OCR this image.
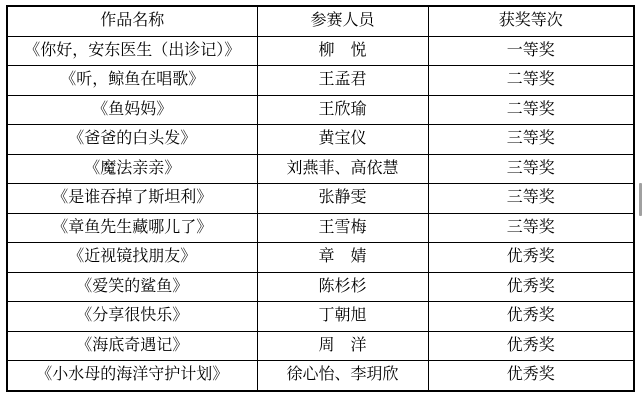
作品名称	参赛人员	获奖等次
《你好，安东医生（出诊记）》	柳　悦	一等奖
《听，鲸鱼在唱歌》	王孟君	二等奖
《鱼妈妈》	王欣瑜	二等奖
《爸爸的白头发》	黄宝仪	三等奖
《魔法亲亲》	刘燕菲、高依慧	三等奖
《是谁吞掉了斯坦利》	张静雯	三等奖
《章鱼先生藏哪儿了》	王雪梅	三等奖
《近视镜找朋友》	章　婧	优秀奖
《爱笑的鲨鱼》	陈杉杉	优秀奖
《分享很快乐》	丁朝旭	优秀奖
《海底奇遇记》	周　洋	优秀奖
《小水母的海洋守护计划》	徐心怡、李玥欣	优秀奖
